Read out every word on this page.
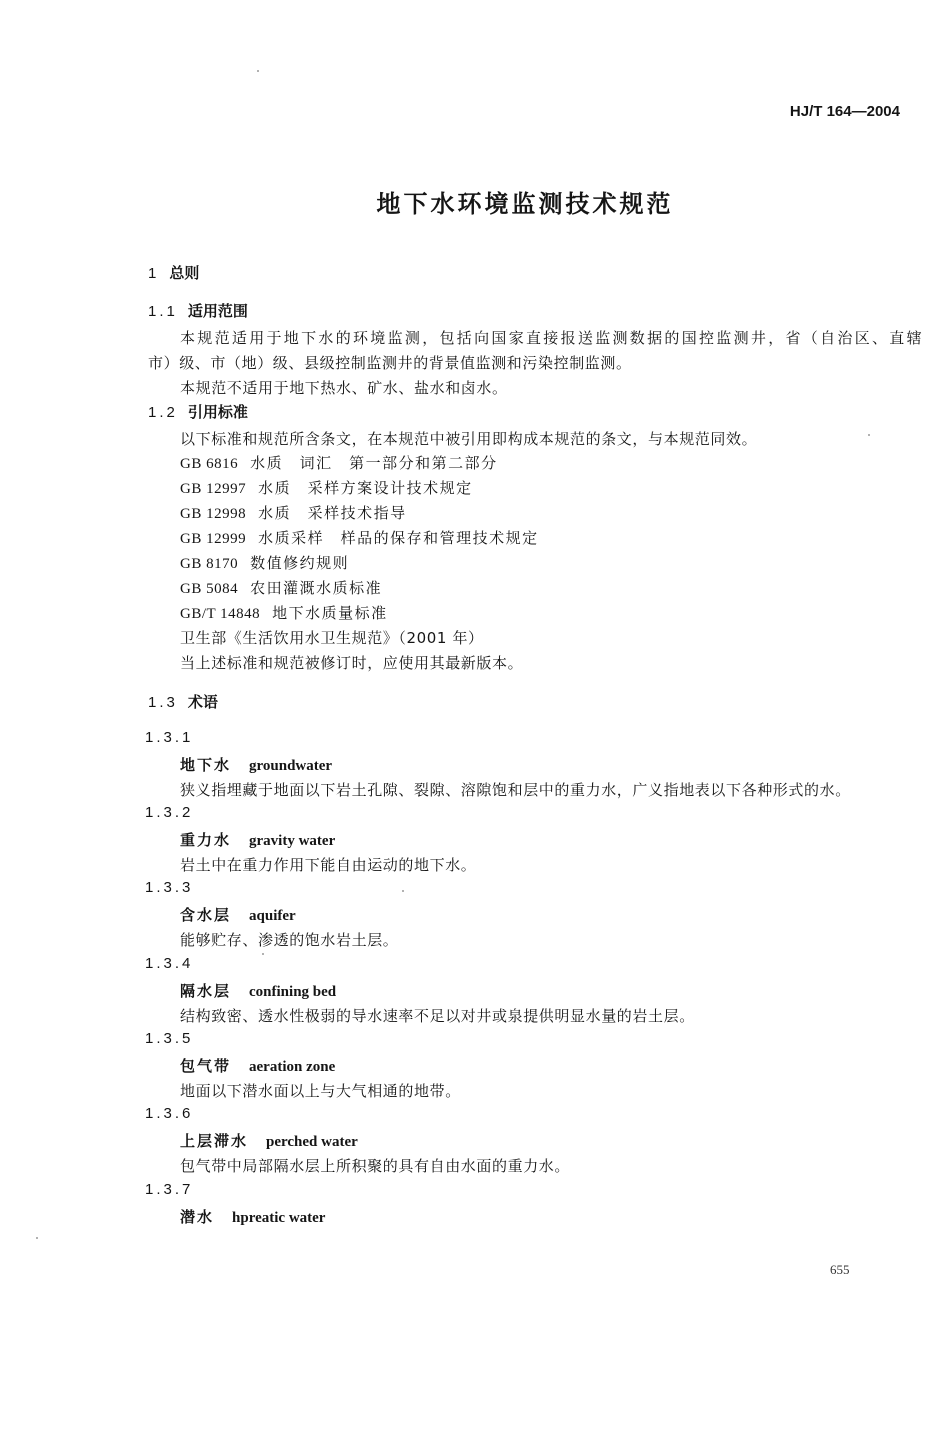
HJ/T 164—2004
地下水环境监测技术规范
1 总则
1.1 适用范围
本规范适用于地下水的环境监测，包括向国家直接报送监测数据的国控监测井，省（自治区、直辖
市）级、市（地）级、县级控制监测井的背景值监测和污染控制监测。
本规范不适用于地下热水、矿水、盐水和卤水。
1.2 引用标准
以下标准和规范所含条文，在本规范中被引用即构成本规范的条文，与本规范同效。
GB 6816 水质　词汇　第一部分和第二部分
GB 12997 水质　采样方案设计技术规定
GB 12998 水质　采样技术指导
GB 12999 水质采样　样品的保存和管理技术规定
GB 8170 数值修约规则
GB 5084 农田灌溉水质标准
GB/T 14848 地下水质量标准
卫生部《生活饮用水卫生规范》（2001 年）
当上述标准和规范被修订时，应使用其最新版本。
1.3 术语
1.3.1
地下水 groundwater
狭义指埋藏于地面以下岩土孔隙、裂隙、溶隙饱和层中的重力水，广义指地表以下各种形式的水。
1.3.2
重力水 gravity water
岩土中在重力作用下能自由运动的地下水。
1.3.3
含水层 aquifer
能够贮存、渗透的饱水岩土层。
1.3.4
隔水层 confining bed
结构致密、透水性极弱的导水速率不足以对井或泉提供明显水量的岩土层。
1.3.5
包气带 aeration zone
地面以下潜水面以上与大气相通的地带。
1.3.6
上层滞水 perched water
包气带中局部隔水层上所积聚的具有自由水面的重力水。
1.3.7
潜水 hpreatic water
655
